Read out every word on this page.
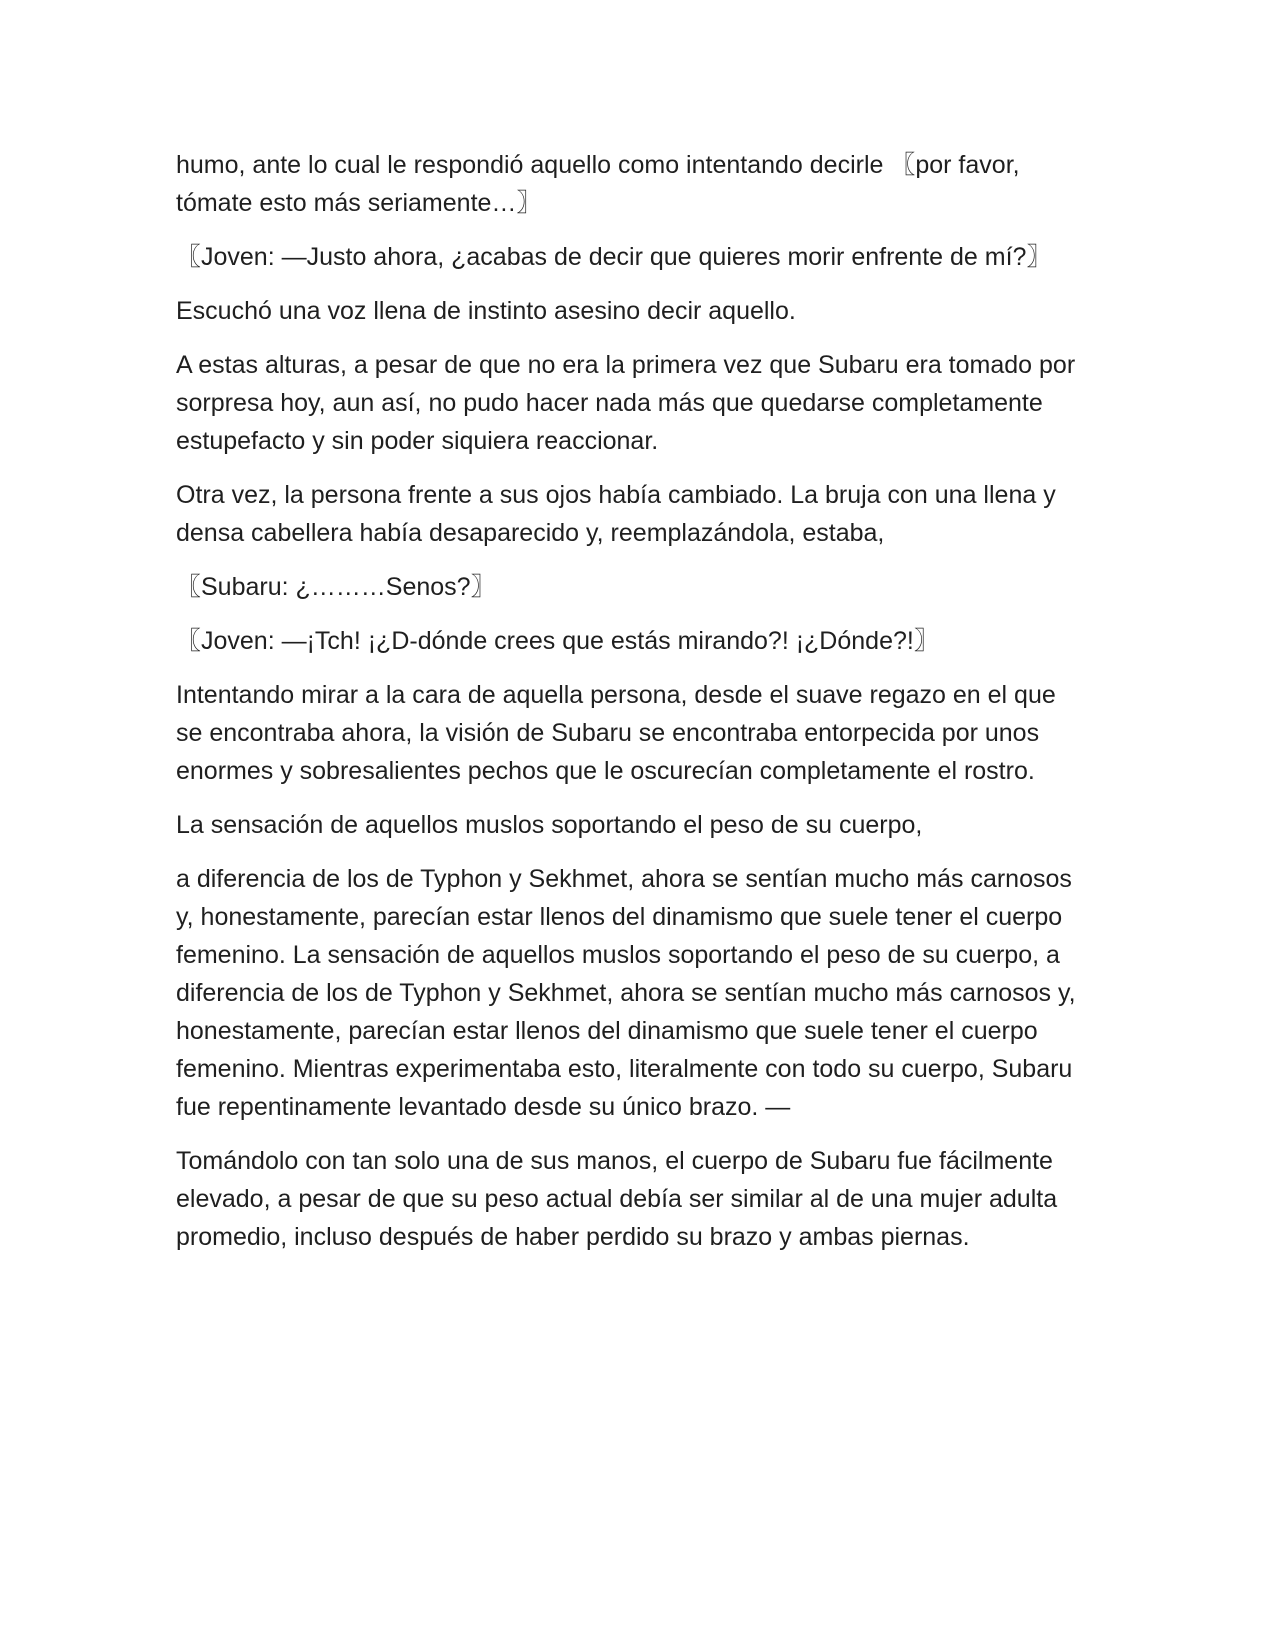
humo, ante lo cual le respondió aquello como intentando decirle 〖por favor, tómate esto más seriamente…〗

〖Joven: —Justo ahora, ¿acabas de decir que quieres morir enfrente de mí?〗

Escuchó una voz llena de instinto asesino decir aquello.

A estas alturas, a pesar de que no era la primera vez que Subaru era tomado por sorpresa hoy, aun así, no pudo hacer nada más que quedarse completamente estupefacto y sin poder siquiera reaccionar.

Otra vez, la persona frente a sus ojos había cambiado. La bruja con una llena y densa cabellera había desaparecido y, reemplazándola, estaba,

〖Subaru: ¿………Senos?〗

〖Joven: —¡Tch! ¡¿D-dónde crees que estás mirando?! ¡¿Dónde?!〗

Intentando mirar a la cara de aquella persona, desde el suave regazo en el que se encontraba ahora, la visión de Subaru se encontraba entorpecida por unos enormes y sobresalientes pechos que le oscurecían completamente el rostro.

La sensación de aquellos muslos soportando el peso de su cuerpo,

a diferencia de los de Typhon y Sekhmet, ahora se sentían mucho más carnosos y, honestamente, parecían estar llenos del dinamismo que suele tener el cuerpo femenino. La sensación de aquellos muslos soportando el peso de su cuerpo, a diferencia de los de Typhon y Sekhmet, ahora se sentían mucho más carnosos y, honestamente, parecían estar llenos del dinamismo que suele tener el cuerpo femenino. Mientras experimentaba esto, literalmente con todo su cuerpo, Subaru fue repentinamente levantado desde su único brazo. —

Tomándolo con tan solo una de sus manos, el cuerpo de Subaru fue fácilmente elevado, a pesar de que su peso actual debía ser similar al de una mujer adulta promedio, incluso después de haber perdido su brazo y ambas piernas.
